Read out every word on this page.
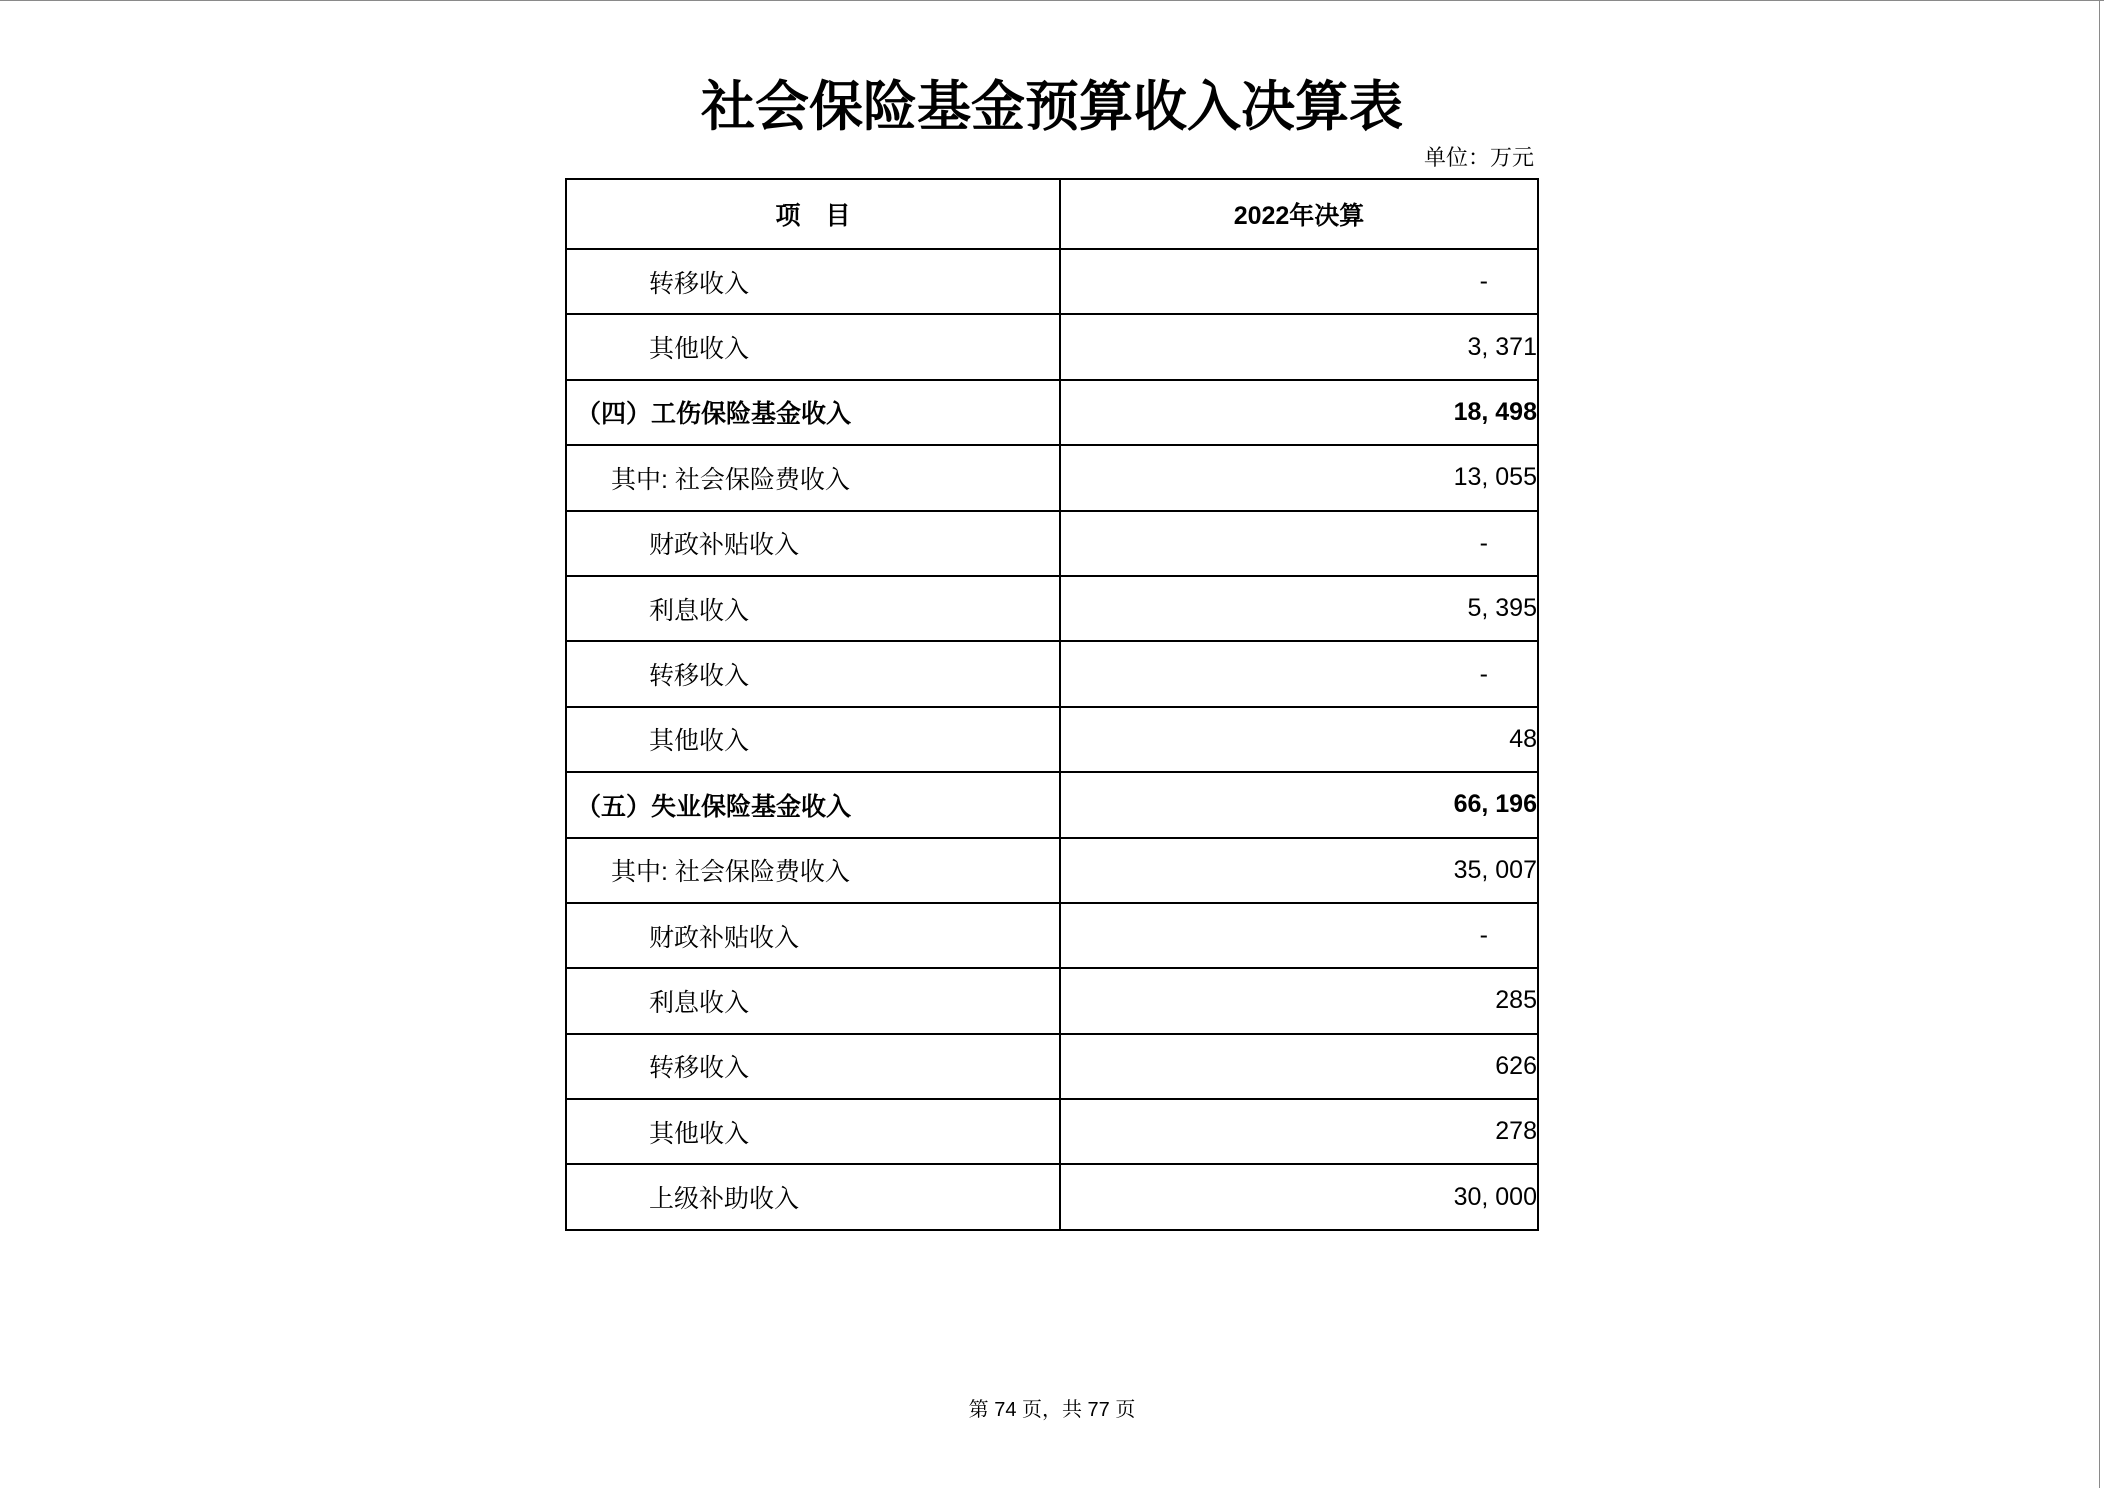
社会保险基金预算收入决算表
单位：万元
项　目	2022年决算
转移收入	-
其他收入	3, 371
（四）工伤保险基金收入	18, 498
其中: 社会保险费收入	13, 055
财政补贴收入	-
利息收入	5, 395
转移收入	-
其他收入	48
（五）失业保险基金收入	66, 196
其中: 社会保险费收入	35, 007
财政补贴收入	-
利息收入	285
转移收入	626
其他收入	278
上级补助收入	30, 000
第 74 页，共 77 页
